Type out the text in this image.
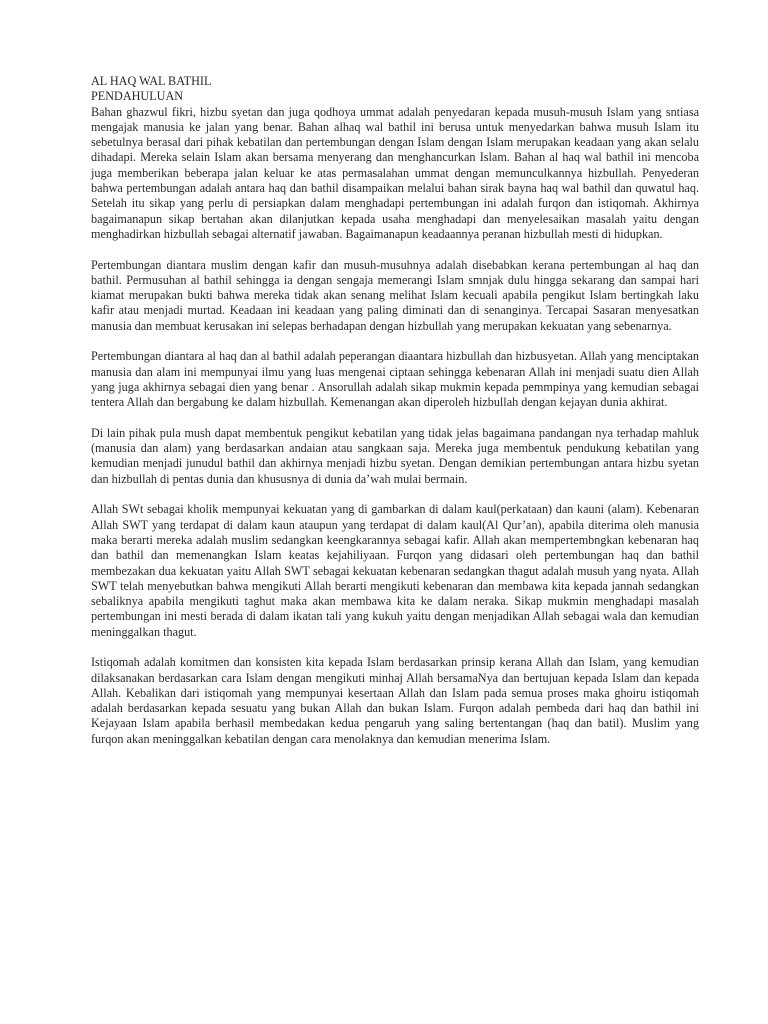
AL HAQ WAL BATHIL
PENDAHULUAN

Bahan ghazwul fikri, hizbu syetan dan juga qodhoya ummat adalah penyedaran kepada musuh-musuh Islam yang sntiasa mengajak manusia ke jalan yang benar. Bahan alhaq wal bathil ini berusa untuk menyedarkan bahwa musuh Islam itu sebetulnya berasal dari pihak kebatilan dan pertembungan dengan Islam dengan Islam merupakan keadaan yang akan selalu dihadapi. Mereka selain Islam akan bersama menyerang dan menghancurkan Islam. Bahan al haq wal bathil ini mencoba juga memberikan beberapa jalan keluar ke atas permasalahan ummat dengan memunculkannya hizbullah. Penyederan bahwa pertembungan adalah antara haq dan bathil disampaikan melalui bahan sirak bayna haq wal bathil dan quwatul haq. Setelah itu sikap yang perlu di persiapkan dalam menghadapi pertembungan ini adalah furqon dan istiqomah. Akhirnya bagaimanapun sikap bertahan akan dilanjutkan kepada usaha menghadapi dan menyelesaikan masalah yaitu dengan menghadirkan hizbullah sebagai alternatif jawaban. Bagaimanapun keadaannya peranan hizbullah mesti di hidupkan.

Pertembungan diantara muslim dengan kafir dan musuh-musuhnya adalah disebabkan kerana pertembungan al haq dan bathil. Permusuhan al bathil sehingga ia dengan sengaja memerangi Islam smnjak dulu hingga sekarang dan sampai hari kiamat merupakan bukti bahwa mereka tidak akan senang melihat Islam kecuali apabila pengikut Islam bertingkah laku kafir atau menjadi murtad. Keadaan ini keadaan yang paling diminati dan di senanginya. Tercapai Sasaran menyesatkan manusia dan membuat kerusakan ini selepas berhadapan dengan hizbullah yang merupakan kekuatan yang sebenarnya.

Pertembungan diantara al haq dan al bathil adalah peperangan diaantara hizbullah dan hizbusyetan. Allah yang menciptakan manusia dan alam ini mempunyai ilmu yang luas mengenai ciptaan sehingga kebenaran Allah ini menjadi suatu dien Allah yang juga akhirnya sebagai dien yang benar . Ansorullah adalah sikap mukmin kepada pemmpinya yang kemudian sebagai tentera Allah dan bergabung ke dalam hizbullah. Kemenangan akan diperoleh hizbullah dengan kejayan dunia akhirat.

Di lain pihak pula mush dapat membentuk pengikut kebatilan yang tidak jelas bagaimana pandangan nya terhadap mahluk (manusia dan alam) yang berdasarkan andaian atau sangkaan saja. Mereka juga membentuk pendukung kebatilan yang kemudian menjadi junudul bathil dan akhirnya menjadi hizbu syetan. Dengan demikian pertembungan antara hizbu syetan dan hizbullah di pentas dunia dan khususnya di dunia da’wah mulai bermain.

Allah SWt sebagai kholik mempunyai kekuatan yang di gambarkan di dalam kaul(perkataan) dan kauni (alam). Kebenaran Allah SWT yang terdapat di dalam kaun ataupun yang terdapat di dalam kaul(Al Qur’an), apabila diterima oleh manusia maka berarti mereka adalah muslim sedangkan keengkarannya sebagai kafir. Allah akan mempertembngkan kebenaran haq dan bathil dan memenangkan Islam keatas kejahiliyaan. Furqon yang didasari oleh pertembungan haq dan bathil membezakan dua kekuatan yaitu Allah SWT sebagai kekuatan kebenaran sedangkan thagut adalah musuh yang nyata. Allah SWT telah menyebutkan bahwa mengikuti Allah berarti mengikuti kebenaran dan membawa kita kepada jannah sedangkan sebaliknya apabila mengikuti taghut maka akan membawa kita ke dalam neraka. Sikap mukmin menghadapi masalah pertembungan ini mesti berada di dalam ikatan tali yang kukuh yaitu dengan menjadikan Allah sebagai wala dan kemudian meninggalkan thagut.

Istiqomah adalah komitmen dan konsisten kita kepada Islam berdasarkan prinsip kerana Allah dan Islam, yang kemudian dilaksanakan berdasarkan cara Islam dengan mengikuti minhaj Allah bersamaNya dan bertujuan kepada Islam dan kepada Allah. Kebalikan dari istiqomah yang mempunyai kesertaan Allah dan Islam pada semua proses maka ghoiru istiqomah adalah berdasarkan kepada sesuatu yang bukan Allah dan bukan Islam. Furqon adalah pembeda dari haq dan bathil ini Kejayaan Islam apabila berhasil membedakan kedua pengaruh yang saling bertentangan (haq dan batil). Muslim yang furqon akan meninggalkan kebatilan dengan cara menolaknya dan kemudian menerima Islam.
